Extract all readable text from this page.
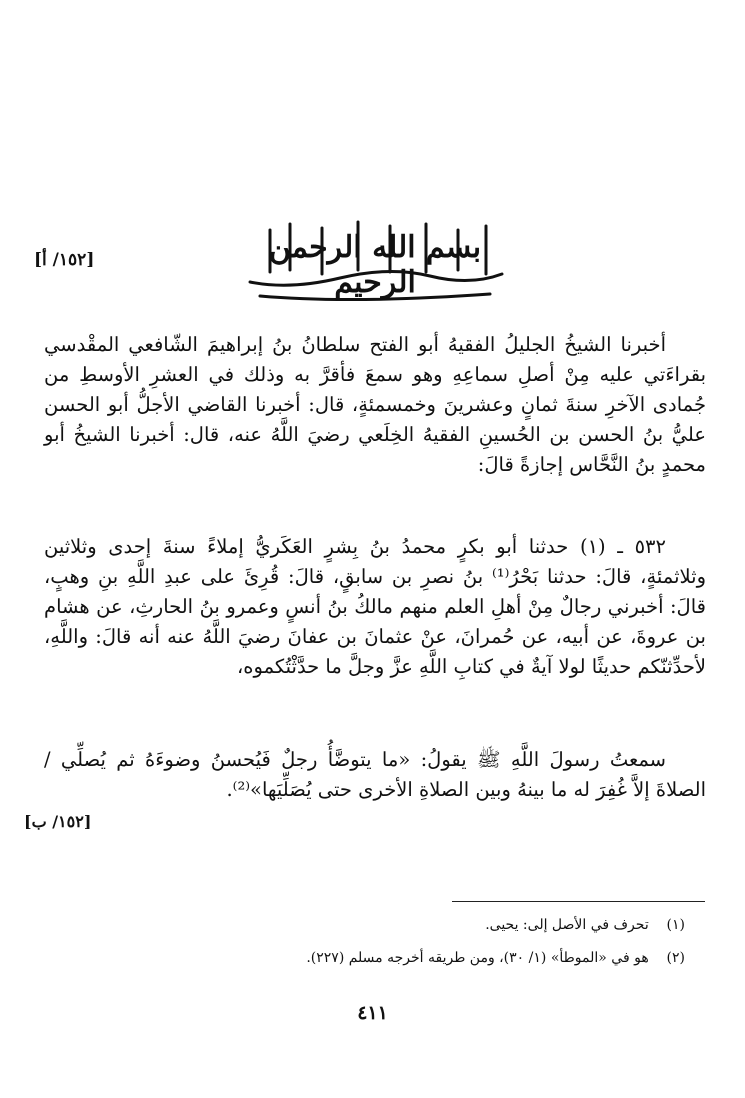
بسم الله الرحمن الرحيم
[١٥٢/ أ]

أخبرنا الشيخُ الجليلُ الفقيهُ أبو الفتح سلطانُ بنُ إبراهيمَ الشّافعي المقْدسي بقراءَتي عليه مِنْ أصلِ سماعِهِ وهو سمعَ فأقرَّ به وذلك في العشرِ الأوسطِ من جُمادى الآخرِ سنةَ ثمانٍ وعشرينَ وخمسمئةٍ، قال: أخبرنا القاضي الأجلُّ أبو الحسن عليُّ بنُ الحسن بن الحُسينِ الفقيهُ الخِلَعي رضيَ اللَّهُ عنه، قال: أخبرنا الشيخُ أبو محمدٍ بنُ النَّحَّاس إجازةً قالَ:

٥٣٢ ـ (١) حدثنا أبو بكرٍ محمدُ بنُ بِشرٍ العَكَريُّ إملاءً سنةَ إحدى وثلاثين وثلاثمئةٍ، قالَ: حدثنا بَحْرُ⁽¹⁾ بنُ نصرِ بن سابقٍ، قالَ: قُرِئَ على عبدِ اللَّهِ بنِ وهبٍ، قالَ: أخبرني رجالٌ مِنْ أهلِ العلم منهم مالكُ بنُ أنسٍ وعمرو بنُ الحارثِ، عن هشام بن عروةَ، عن أبيه، عن حُمرانَ، عنْ عثمانَ بن عفانَ رضيَ اللَّهُ عنه أنه قالَ: واللَّهِ، لأحدِّثنّكم حديثًا لولا آيةٌ في كتابِ اللَّهِ عزَّ وجلَّ ما حدَّثْتُكموه،

سمعتُ رسولَ اللَّهِ ﷺ يقولُ: «ما يتوضَّأُ رجلٌ فَيُحسنُ وضوءَهُ ثم يُصلِّي / الصلاةَ إلاَّ غُفِرَ له ما بينهُ وبين الصلاةِ الأخرى حتى يُصَلِّيَها»⁽²⁾.

[١٥٢/ ب]
(١)    تحرف في الأصل إلى: يحيى.
(٢)    هو في «الموطأ» (١/ ٣٠)، ومن طريقه أخرجه مسلم (٢٢٧).
٤١١
